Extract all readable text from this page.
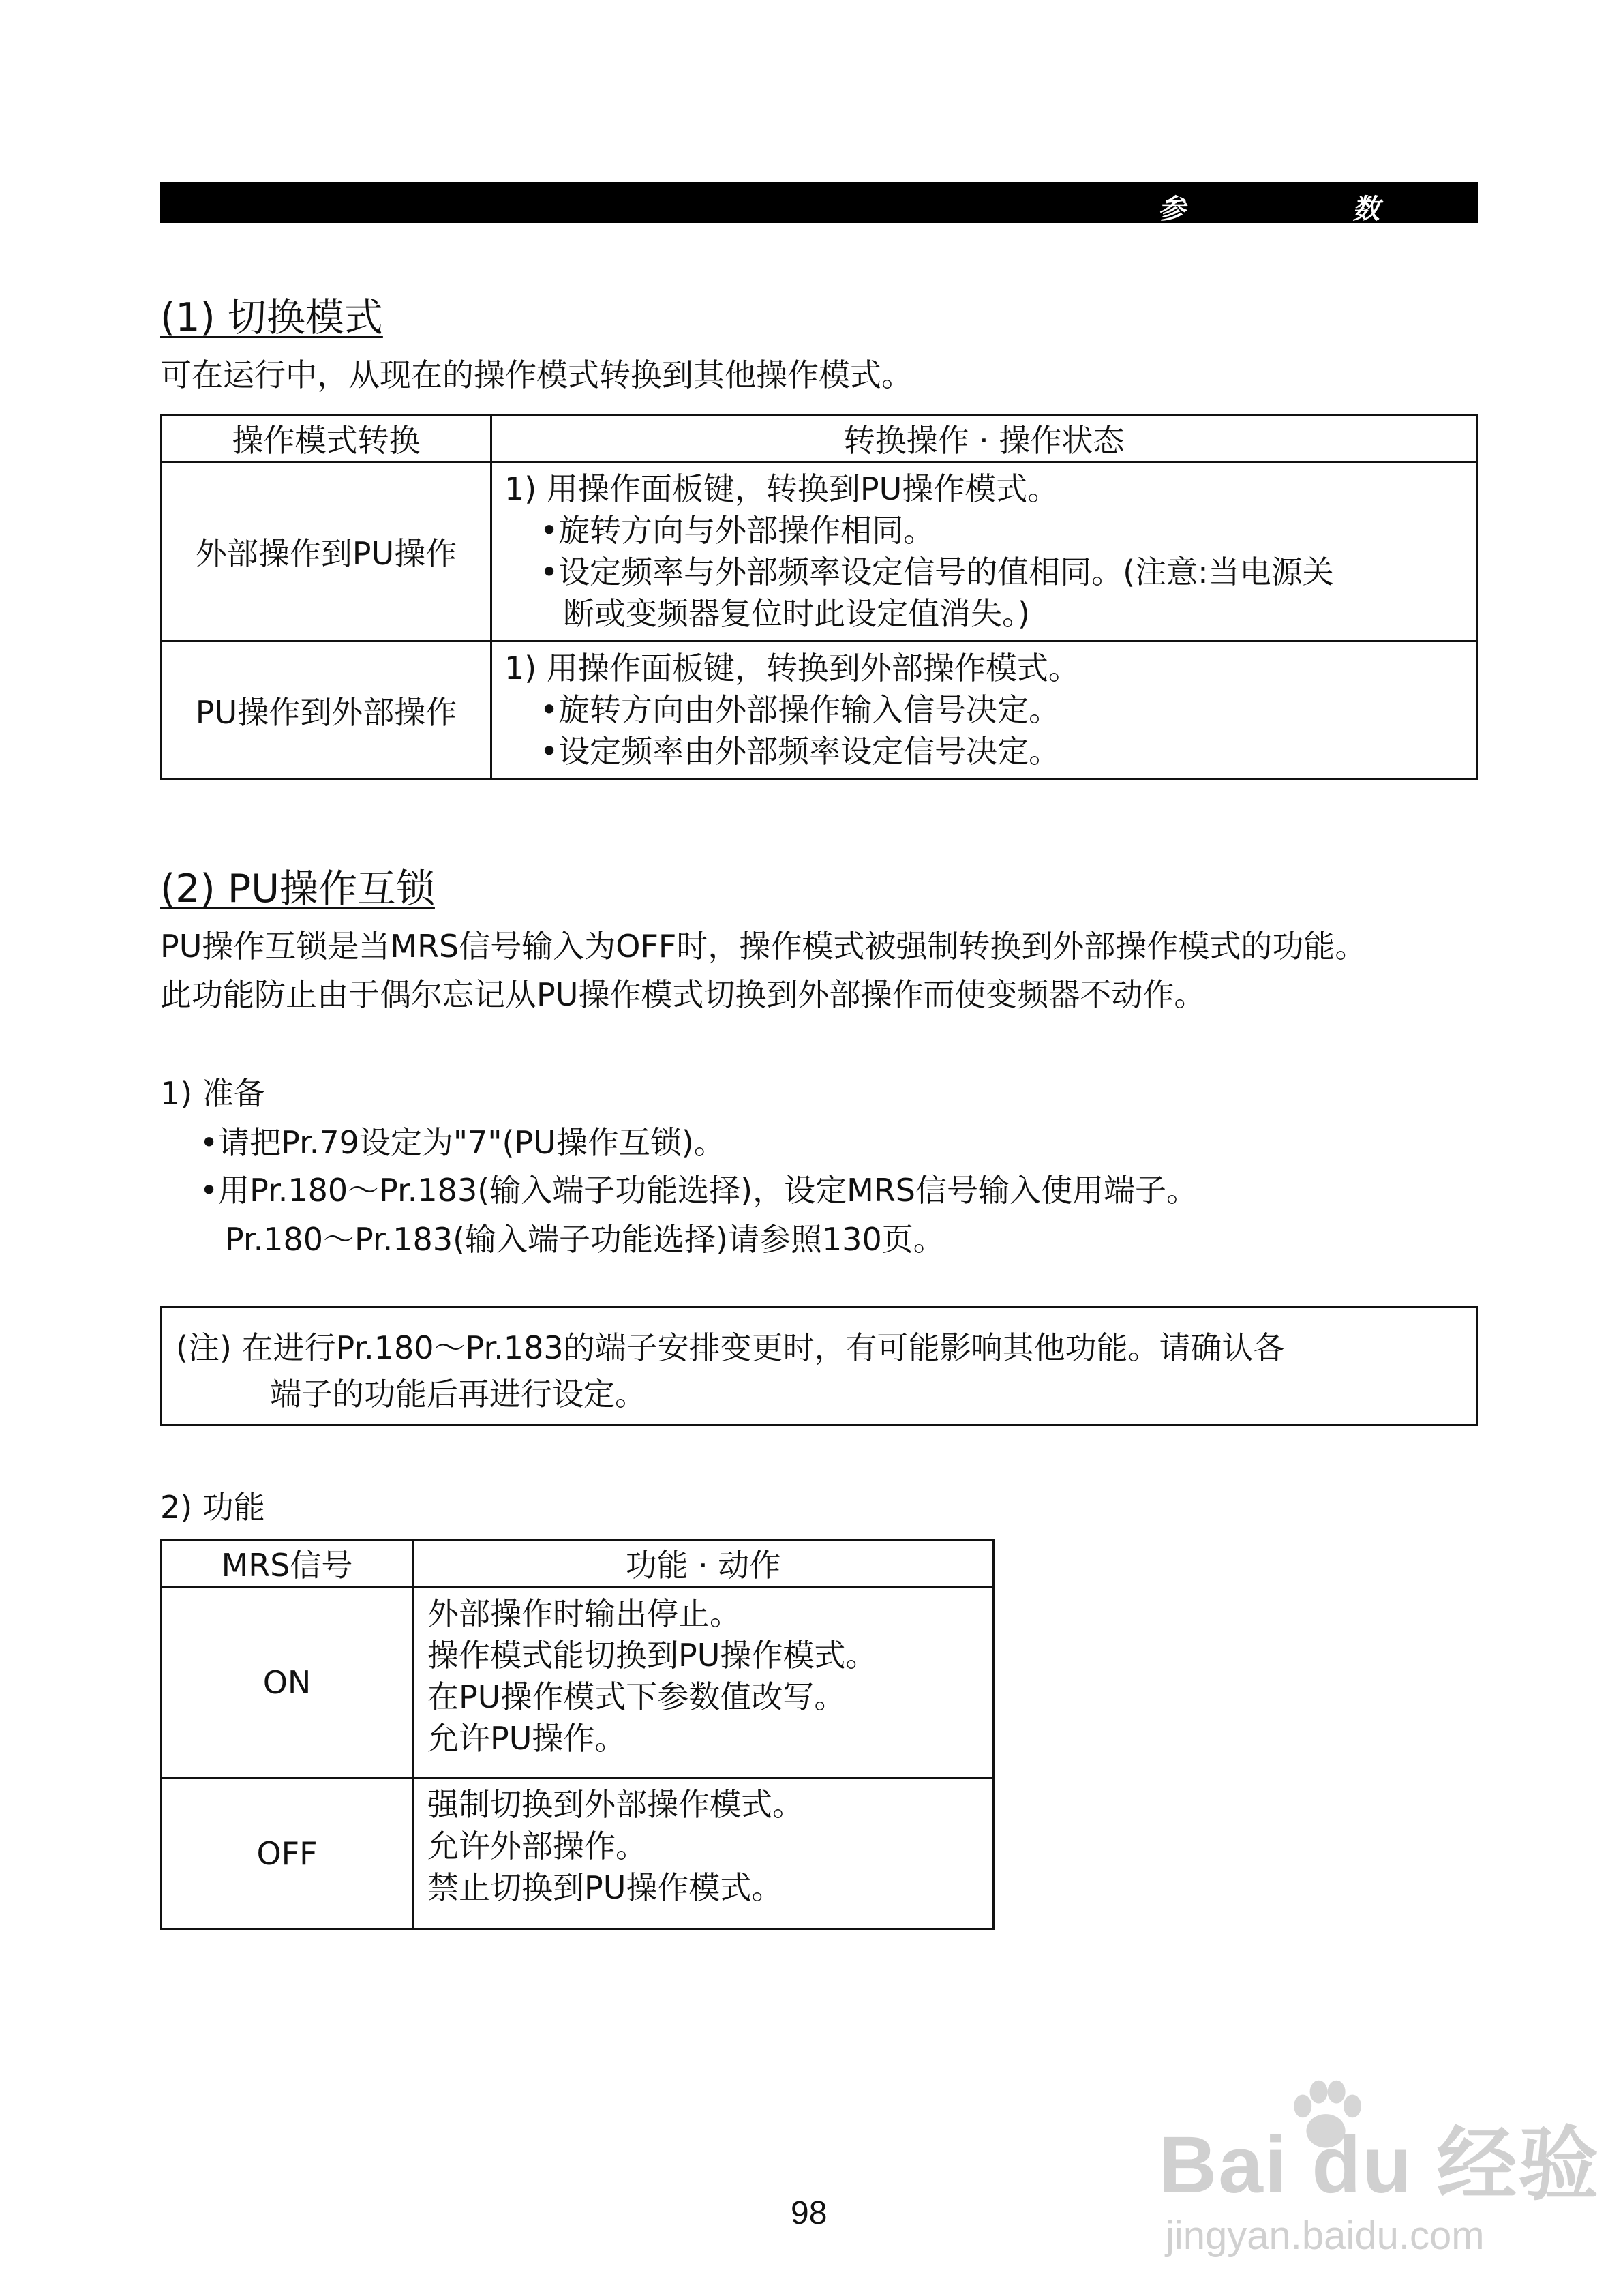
参	数
(1) 切换模式
可在运行中，从现在的操作模式转换到其他操作模式。
操作模式转换	转换操作 · 操作状态
外部操作到PU操作	1) 用操作面板键，转换到PU操作模式。
•旋转方向与外部操作相同。
•设定频率与外部频率设定信号的值相同。(注意:当电源关
断或变频器复位时此设定值消失。)

PU操作到外部操作	1) 用操作面板键，转换到外部操作模式。
•旋转方向由外部操作输入信号决定。
•设定频率由外部频率设定信号决定。
(2) PU操作互锁
PU操作互锁是当MRS信号输入为OFF时，操作模式被强制转换到外部操作模式的功能。
此功能防止由于偶尔忘记从PU操作模式切换到外部操作而使变频器不动作。
1) 准备
•请把Pr.79设定为"7"(PU操作互锁)。
•用Pr.180～Pr.183(输入端子功能选择)，设定MRS信号输入使用端子。
Pr.180～Pr.183(输入端子功能选择)请参照130页。
(注) 在进行Pr.180～Pr.183的端子安排变更时，有可能影响其他功能。请确认各
端子的功能后再进行设定。
2) 功能
MRS信号	功能 · 动作
ON	外部操作时输出停止。
操作模式能切换到PU操作模式。
在PU操作模式下参数值改写。
允许PU操作。

OFF	强制切换到外部操作模式。
允许外部操作。
禁止切换到PU操作模式。
Bai du 经验
jingyan.baidu.com
98
